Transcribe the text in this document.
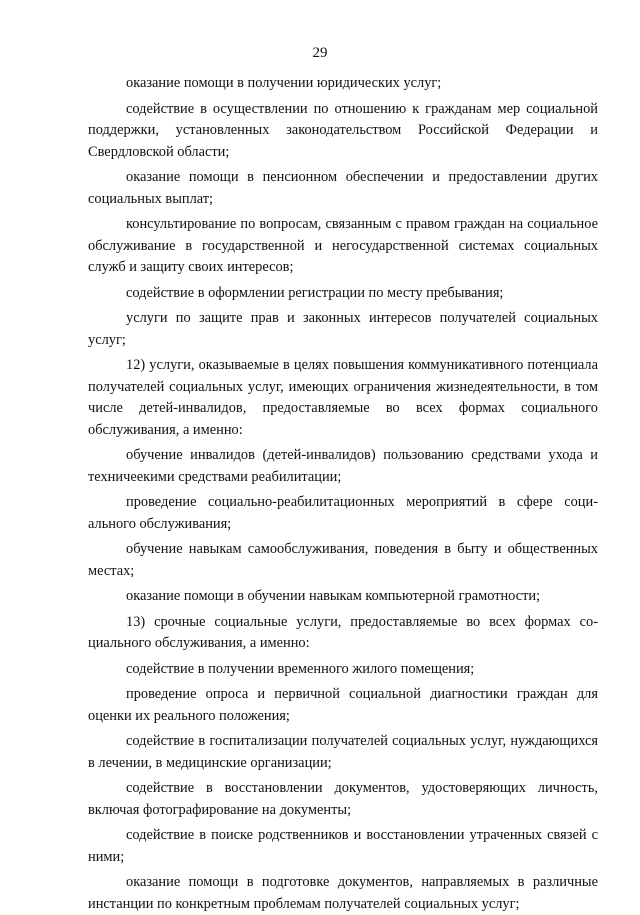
29

оказание помощи в получении юридических услуг;

содействие в осуществлении по отношению к гражданам мер социальной поддержки, установленных законодательством Российской Федерации и Свердловской области;

оказание помощи в пенсионном обеспечении и предоставлении других социальных выплат;

консультирование по вопросам, связанным с правом граждан на социальное обслуживание в государственной и негосударственной системах социальных служб и защиту своих интересов;

содействие в оформлении регистрации по месту пребывания;

услуги по защите прав и законных интересов получателей социальных услуг;

12) услуги, оказываемые в целях повышения коммуникативного потенциала получателей социальных услуг, имеющих ограничения жизнедеятельности, в том числе детей-инвалидов, предоставляемые во всех формах социального обслуживания, а именно:

обучение инвалидов (детей-инвалидов) пользованию средствами ухода и техничеекими средствами реабилитации;

проведение социально-реабилитационных мероприятий в сфере социального обслуживания;

обучение навыкам самообслуживания, поведения в быту и общественных местах;

оказание помощи в обучении навыкам компьютерной грамотности;

13) срочные социальные услуги, предоставляемые во всех формах социального обслуживания, а именно:

содействие в получении временного жилого помещения;

проведение опроса и первичной социальной диагностики граждан для оценки их реального положения;

содействие в госпитализации получателей социальных услуг, нуждающихся в лечении, в медицинские организации;

содействие в восстановлении документов, удостоверяющих личность, включая фотографирование на документы;

содействие в поиске родственников и восстановлении утраченных связей с ними;

оказание помощи в подготовке документов, направляемых в различные инстанции по конкретным проблемам получателей социальных услуг;
